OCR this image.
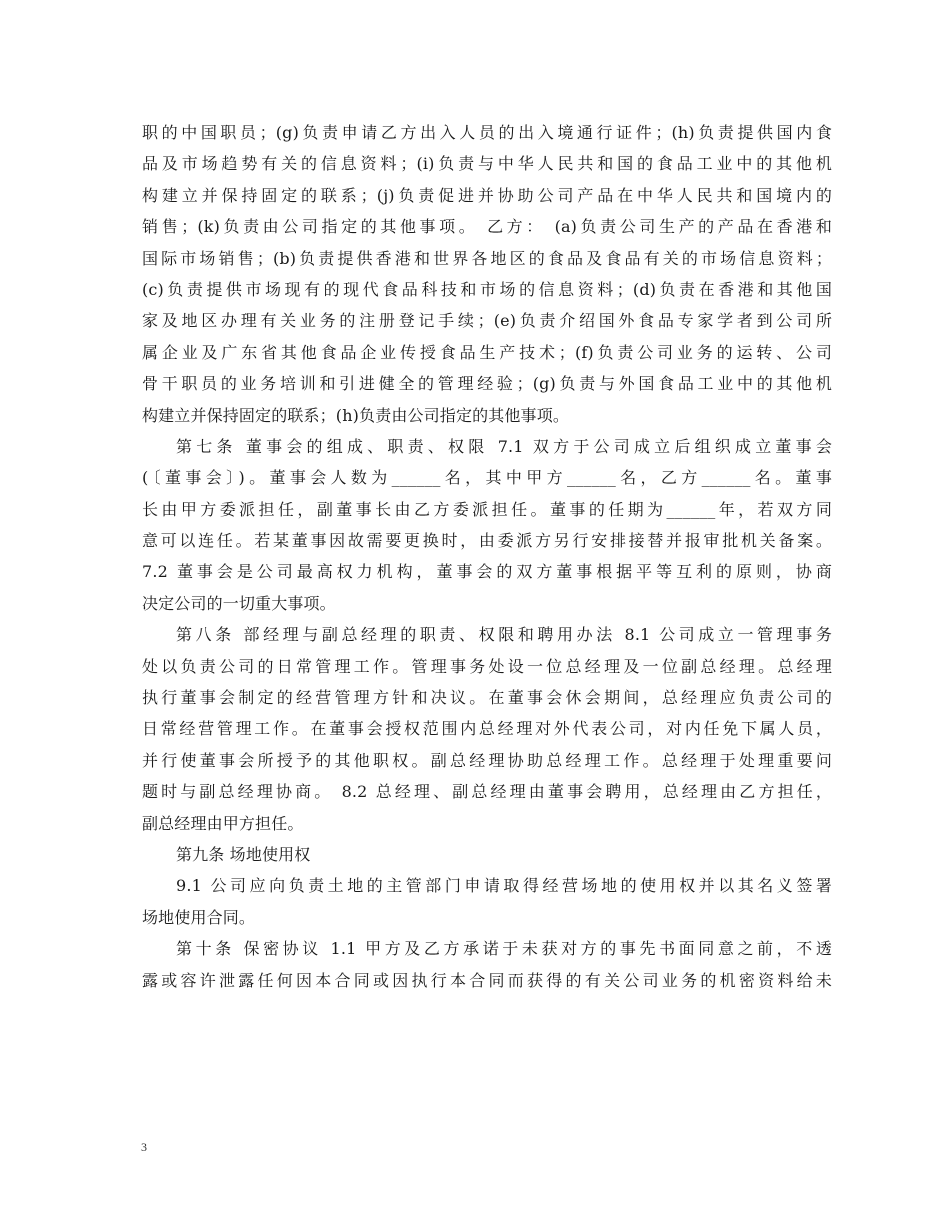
职的中国职员；(g)负责申请乙方出入人员的出入境通行证件；(h)负责提供国内食
品及市场趋势有关的信息资料；(i)负责与中华人民共和国的食品工业中的其他机
构建立并保持固定的联系；(j)负责促进并协助公司产品在中华人民共和国境内的
销售；(k)负责由公司指定的其他事项。 乙方： (a)负责公司生产的产品在香港和
国际市场销售；(b)负责提供香港和世界各地区的食品及食品有关的市场信息资料；
(c)负责提供市场现有的现代食品科技和市场的信息资料；(d)负责在香港和其他国
家及地区办理有关业务的注册登记手续；(e)负责介绍国外食品专家学者到公司所
属企业及广东省其他食品企业传授食品生产技术；(f)负责公司业务的运转、公司
骨干职员的业务培训和引进健全的管理经验；(g)负责与外国食品工业中的其他机
构建立并保持固定的联系；(h)负责由公司指定的其他事项。
第七条 董事会的组成、职责、权限 7.1 双方于公司成立后组织成立董事会
(〔董事会〕)。董事会人数为______名，其中甲方______名，乙方______名。董事
长由甲方委派担任，副董事长由乙方委派担任。董事的任期为______年，若双方同
意可以连任。若某董事因故需要更换时，由委派方另行安排接替并报审批机关备案。
7.2 董事会是公司最高权力机构，董事会的双方董事根据平等互利的原则，协商
决定公司的一切重大事项。
第八条 部经理与副总经理的职责、权限和聘用办法 8.1 公司成立一管理事务
处以负责公司的日常管理工作。管理事务处设一位总经理及一位副总经理。总经理
执行董事会制定的经营管理方针和决议。在董事会休会期间，总经理应负责公司的
日常经营管理工作。在董事会授权范围内总经理对外代表公司，对内任免下属人员，
并行使董事会所授予的其他职权。副总经理协助总经理工作。总经理于处理重要问
题时与副总经理协商。 8.2 总经理、副总经理由董事会聘用，总经理由乙方担任，
副总经理由甲方担任。
第九条 场地使用权
9.1 公司应向负责土地的主管部门申请取得经营场地的使用权并以其名义签署
场地使用合同。
第十条 保密协议 1.1 甲方及乙方承诺于未获对方的事先书面同意之前，不透
露或容许泄露任何因本合同或因执行本合同而获得的有关公司业务的机密资料给未
3
